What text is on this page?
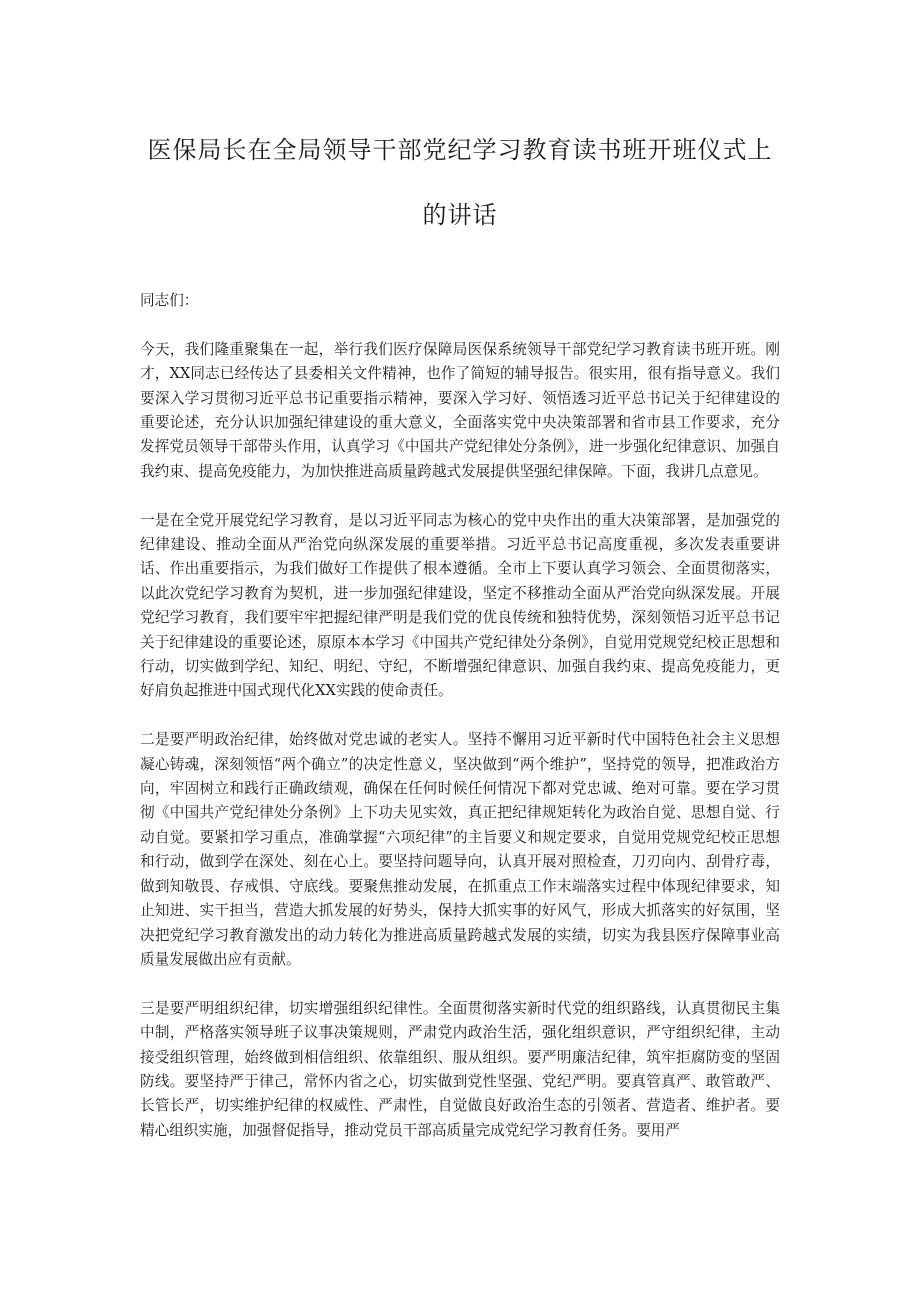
医保局长在全局领导干部党纪学习教育读书班开班仪式上
的讲话

同志们：

今天，我们隆重聚集在一起，举行我们医疗保障局医保系统领导干部党纪学习教育读书班开班。刚才，XX同志已经传达了县委相关文件精神，也作了简短的辅导报告。很实用，很有指导意义。我们要深入学习贯彻习近平总书记重要指示精神，要深入学习好、领悟透习近平总书记关于纪律建设的重要论述，充分认识加强纪律建设的重大意义，全面落实党中央决策部署和省市县工作要求，充分发挥党员领导干部带头作用，认真学习《中国共产党纪律处分条例》，进一步强化纪律意识、加强自我约束、提高免疫能力，为加快推进高质量跨越式发展提供坚强纪律保障。下面，我讲几点意见。

一是在全党开展党纪学习教育，是以习近平同志为核心的党中央作出的重大决策部署，是加强党的纪律建设、推动全面从严治党向纵深发展的重要举措。习近平总书记高度重视，多次发表重要讲话、作出重要指示，为我们做好工作提供了根本遵循。全市上下要认真学习领会、全面贯彻落实，以此次党纪学习教育为契机，进一步加强纪律建设，坚定不移推动全面从严治党向纵深发展。开展党纪学习教育，我们要牢牢把握纪律严明是我们党的优良传统和独特优势，深刻领悟习近平总书记关于纪律建设的重要论述，原原本本学习《中国共产党纪律处分条例》，自觉用党规党纪校正思想和行动，切实做到学纪、知纪、明纪、守纪，不断增强纪律意识、加强自我约束、提高免疫能力，更好肩负起推进中国式现代化XX实践的使命责任。

二是要严明政治纪律，始终做对党忠诚的老实人。坚持不懈用习近平新时代中国特色社会主义思想凝心铸魂，深刻领悟“两个确立”的决定性意义，坚决做到“两个维护”，坚持党的领导，把准政治方向，牢固树立和践行正确政绩观，确保在任何时候任何情况下都对党忠诚、绝对可靠。要在学习贯彻《中国共产党纪律处分条例》上下功夫见实效，真正把纪律规矩转化为政治自觉、思想自觉、行动自觉。要紧扣学习重点，准确掌握“六项纪律”的主旨要义和规定要求，自觉用党规党纪校正思想和行动，做到学在深处、刻在心上。要坚持问题导向，认真开展对照检查，刀刃向内、刮骨疗毒，做到知敬畏、存戒惧、守底线。要聚焦推动发展，在抓重点工作末端落实过程中体现纪律要求，知止知进、实干担当，营造大抓发展的好势头，保持大抓实事的好风气，形成大抓落实的好氛围，坚决把党纪学习教育激发出的动力转化为推进高质量跨越式发展的实绩，切实为我县医疗保障事业高质量发展做出应有贡献。

三是要严明组织纪律，切实增强组织纪律性。全面贯彻落实新时代党的组织路线，认真贯彻民主集中制，严格落实领导班子议事决策规则，严肃党内政治生活，强化组织意识，严守组织纪律，主动接受组织管理，始终做到相信组织、依靠组织、服从组织。要严明廉洁纪律，筑牢拒腐防变的坚固防线。要坚持严于律己，常怀内省之心，切实做到党性坚强、党纪严明。要真管真严、敢管敢严、长管长严，切实维护纪律的权威性、严肃性，自觉做良好政治生态的引领者、营造者、维护者。要精心组织实施，加强督促指导，推动党员干部高质量完成党纪学习教育任务。要用严
